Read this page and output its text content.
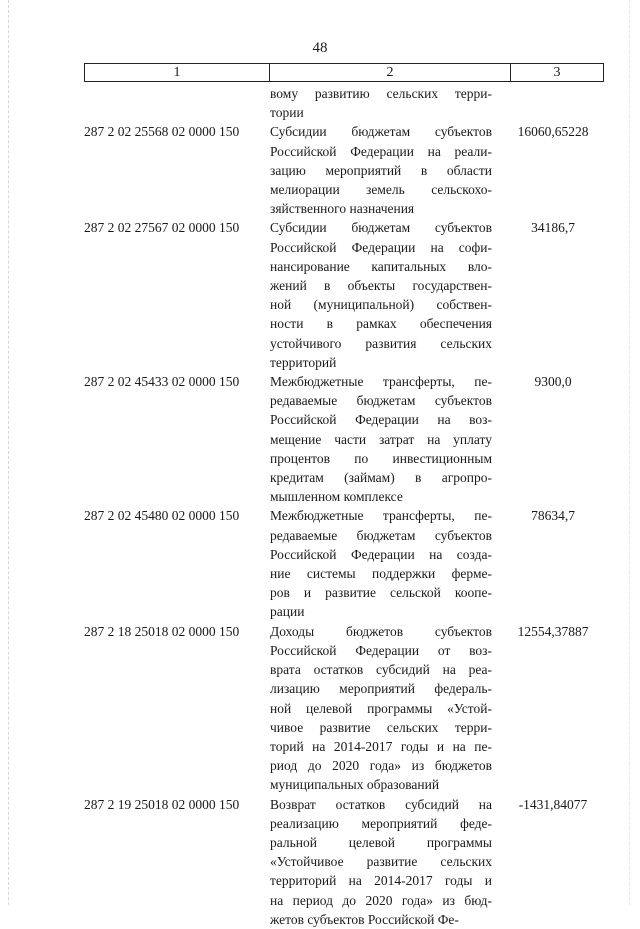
48
1	2	3
вому развитию сельских терри-
тории
287 2 02 25568 02 0000 150	Субсидии бюджетам субъектов
Российской Федерации на реали-
зацию мероприятий в области
мелиорации земель сельскохо-
зяйственного назначения
16060,65228
287 2 02 27567 02 0000 150	Субсидии бюджетам субъектов
Российской Федерации на софи-
нансирование капитальных вло-
жений в объекты государствен-
ной (муниципальной) собствен-
ности в рамках обеспечения
устойчивого развития сельских
территорий
34186,7
287 2 02 45433 02 0000 150	Межбюджетные трансферты, пе-
редаваемые бюджетам субъектов
Российской Федерации на воз-
мещение части затрат на уплату
процентов по инвестиционным
кредитам (займам) в агропро-
мышленном комплексе
9300,0
287 2 02 45480 02 0000 150	Межбюджетные трансферты, пе-
редаваемые бюджетам субъектов
Российской Федерации на созда-
ние системы поддержки ферме-
ров и развитие сельской коопе-
рации
78634,7
287 2 18 25018 02 0000 150	Доходы бюджетов субъектов
Российской Федерации от воз-
врата остатков субсидий на реа-
лизацию мероприятий федераль-
ной целевой программы «Устой-
чивое развитие сельских терри-
торий на 2014-2017 годы и на пе-
риод до 2020 года» из бюджетов
муниципальных образований
12554,37887
287 2 19 25018 02 0000 150	Возврат остатков субсидий на
реализацию мероприятий феде-
ральной целевой программы
«Устойчивое развитие сельских
территорий на 2014-2017 годы и
на период до 2020 года» из бюд-
жетов субъектов Российской Фе-
-1431,84077
